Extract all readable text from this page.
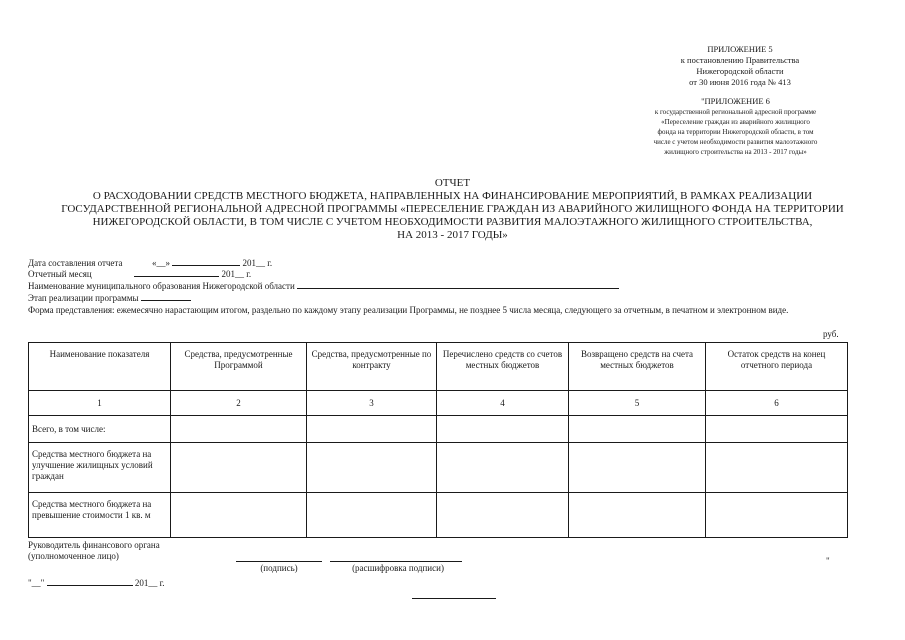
ПРИЛОЖЕНИЕ 5
к постановлению Правительства
Нижегородской области
от 30 июня 2016 года № 413
"ПРИЛОЖЕНИЕ 6
к государственной региональной адресной программе
«Переселение граждан из аварийного жилищного
фонда на территории Нижегородской области, в том
числе с учетом необходимости развития малоэтажного
жилищного строительства на 2013 - 2017 годы»
ОТЧЕТ
О РАСХОДОВАНИИ СРЕДСТВ МЕСТНОГО БЮДЖЕТА, НАПРАВЛЕННЫХ НА ФИНАНСИРОВАНИЕ МЕРОПРИЯТИЙ, В РАМКАХ РЕАЛИЗАЦИИ
ГОСУДАРСТВЕННОЙ РЕГИОНАЛЬНОЙ АДРЕСНОЙ ПРОГРАММЫ «ПЕРЕСЕЛЕНИЕ ГРАЖДАН ИЗ АВАРИЙНОГО ЖИЛИЩНОГО ФОНДА НА ТЕРРИТОРИИ
НИЖЕГОРОДСКОЙ ОБЛАСТИ, В ТОМ ЧИСЛЕ С УЧЕТОМ НЕОБХОДИМОСТИ РАЗВИТИЯ МАЛОЭТАЖНОГО ЖИЛИЩНОГО СТРОИТЕЛЬСТВА,
НА 2013 - 2017 ГОДЫ»
Дата составления отчета	«__»	201__ г.
Отчетный месяц	201__ г.
Наименование муниципального образования Нижегородской области
Этап реализации программы
Форма представления: ежемесячно нарастающим итогом, раздельно по каждому этапу реализации Программы, не позднее 5 числа месяца, следующего за отчетным, в печатном и электронном виде.
руб.
Наименование показателя	Средства, предусмотренные Программой	Средства, предусмотренные по контракту	Перечислено средств со счетов местных бюджетов	Возвращено средств на счета местных бюджетов	Остаток средств на конец отчетного периода
1	2	3	4	5	6
Всего, в том числе:					
Средства местного бюджета на улучшение жилищных условий граждан					
Средства местного бюджета на превышение стоимости 1 кв. м					
Руководитель финансового органа
(уполномоченное лицо)
(подпись)	(расшифровка подписи)
"
"__"	201__ г.
